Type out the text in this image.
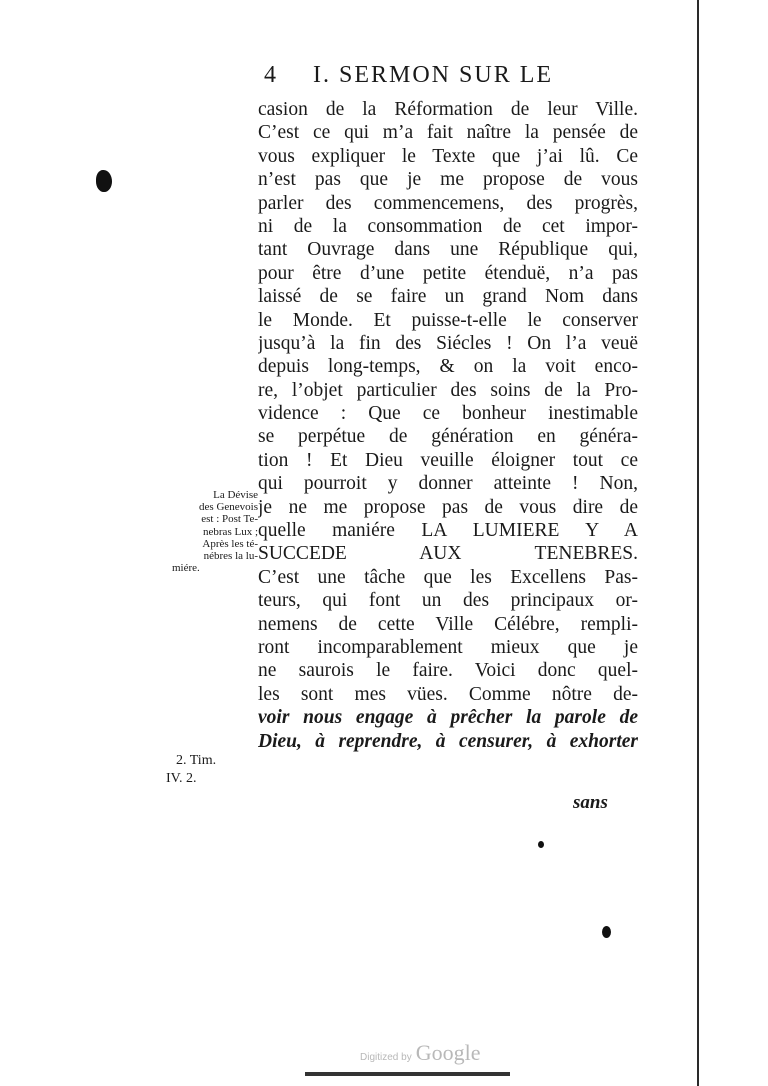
4 I. SERMON SUR LE
casion de la Réformation de leur Ville.
C’est ce qui m’a fait naître la pensée de
vous expliquer le Texte que j’ai lû. Ce
n’est pas que je me propose de vous
parler des commencemens, des progrès,
ni de la consommation de cet impor-
tant Ouvrage dans une République qui,
pour être d’une petite étenduë, n’a pas
laissé de se faire un grand Nom dans
le Monde. Et puisse-t-elle le conserver
jusqu’à la fin des Siécles ! On l’a veuë
depuis long-temps, & on la voit enco-
re, l’objet particulier des soins de la Pro-
vidence : Que ce bonheur inestimable
se perpétue de génération en généra-
tion ! Et Dieu veuille éloigner tout ce
qui pourroit y donner atteinte ! Non,
je ne me propose pas de vous dire de
quelle maniére LA LUMIERE Y A
SUCCEDE AUX TENEBRES.
C’est une tâche que les Excellens Pas-
teurs, qui font un des principaux or-
nemens de cette Ville Célébre, rempli-
ront incomparablement mieux que je
ne saurois le faire. Voici donc quel-
les sont mes vües. Comme nôtre de-
voir nous engage à prêcher la parole de
Dieu, à reprendre, à censurer, à exhorter
sans
La Dévise
des Genevois
est : Post Te-
nebras Lux ;
Après les té-
nébres la lu-
miére.
2. Tim.
IV. 2.
Digitized by Google
